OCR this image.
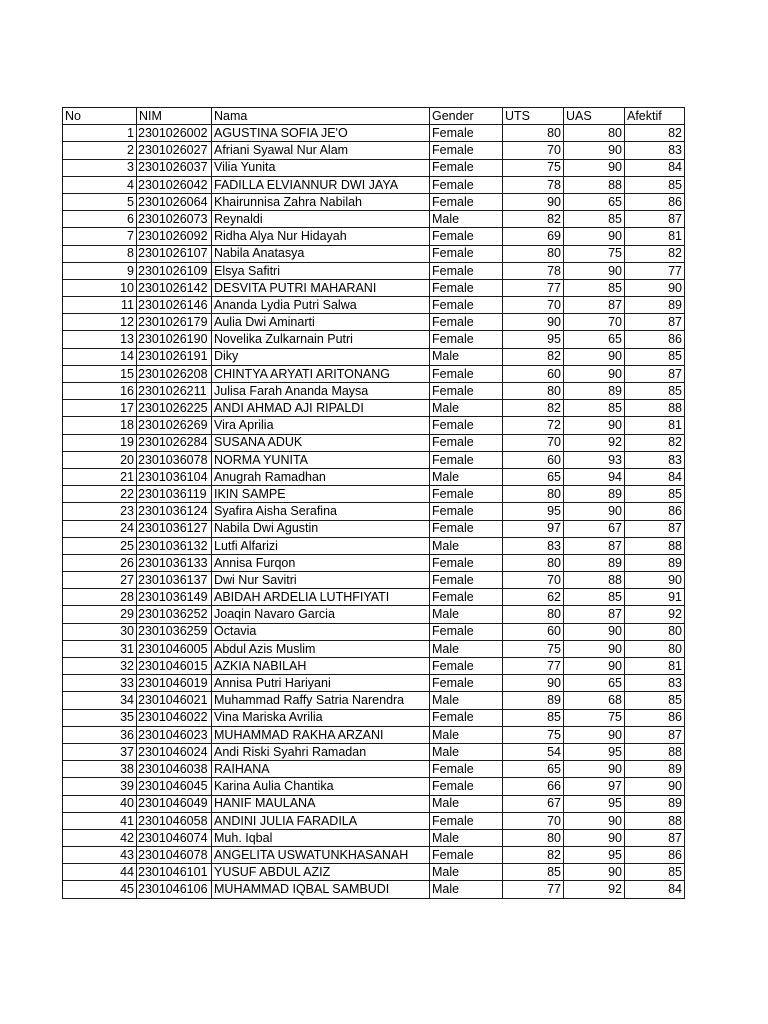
No	NIM	Nama	Gender	UTS	UAS	Afektif
1	2301026002	AGUSTINA SOFIA JE'O	Female	80	80	82
2	2301026027	Afriani Syawal Nur Alam	Female	70	90	83
3	2301026037	Vilia Yunita	Female	75	90	84
4	2301026042	FADILLA ELVIANNUR DWI JAYA	Female	78	88	85
5	2301026064	Khairunnisa Zahra Nabilah	Female	90	65	86
6	2301026073	Reynaldi	Male	82	85	87
7	2301026092	Ridha Alya Nur Hidayah	Female	69	90	81
8	2301026107	Nabila Anatasya	Female	80	75	82
9	2301026109	Elsya Safitri	Female	78	90	77
10	2301026142	DESVITA PUTRI MAHARANI	Female	77	85	90
11	2301026146	Ananda Lydia Putri Salwa	Female	70	87	89
12	2301026179	Aulia Dwi Aminarti	Female	90	70	87
13	2301026190	Novelika Zulkarnain Putri	Female	95	65	86
14	2301026191	Diky	Male	82	90	85
15	2301026208	CHINTYA ARYATI ARITONANG	Female	60	90	87
16	2301026211	Julisa Farah Ananda Maysa	Female	80	89	85
17	2301026225	ANDI AHMAD AJI RIPALDI	Male	82	85	88
18	2301026269	Vira Aprilia	Female	72	90	81
19	2301026284	SUSANA ADUK	Female	70	92	82
20	2301036078	NORMA YUNITA	Female	60	93	83
21	2301036104	Anugrah Ramadhan	Male	65	94	84
22	2301036119	IKIN SAMPE	Female	80	89	85
23	2301036124	Syafira Aisha Serafina	Female	95	90	86
24	2301036127	Nabila Dwi Agustin	Female	97	67	87
25	2301036132	Lutfi Alfarizi	Male	83	87	88
26	2301036133	Annisa Furqon	Female	80	89	89
27	2301036137	Dwi Nur Savitri	Female	70	88	90
28	2301036149	ABIDAH ARDELIA LUTHFIYATI	Female	62	85	91
29	2301036252	Joaqin Navaro Garcia	Male	80	87	92
30	2301036259	Octavia	Female	60	90	80
31	2301046005	Abdul Azis Muslim	Male	75	90	80
32	2301046015	AZKIA NABILAH	Female	77	90	81
33	2301046019	Annisa Putri Hariyani	Female	90	65	83
34	2301046021	Muhammad Raffy Satria Narendra	Male	89	68	85
35	2301046022	Vina Mariska Avrilia	Female	85	75	86
36	2301046023	MUHAMMAD RAKHA ARZANI	Male	75	90	87
37	2301046024	Andi Riski Syahri Ramadan	Male	54	95	88
38	2301046038	RAIHANA	Female	65	90	89
39	2301046045	Karina Aulia Chantika	Female	66	97	90
40	2301046049	HANIF MAULANA	Male	67	95	89
41	2301046058	ANDINI JULIA FARADILA	Female	70	90	88
42	2301046074	Muh. Iqbal	Male	80	90	87
43	2301046078	ANGELITA USWATUNKHASANAH	Female	82	95	86
44	2301046101	YUSUF ABDUL AZIZ	Male	85	90	85
45	2301046106	MUHAMMAD IQBAL SAMBUDI	Male	77	92	84
